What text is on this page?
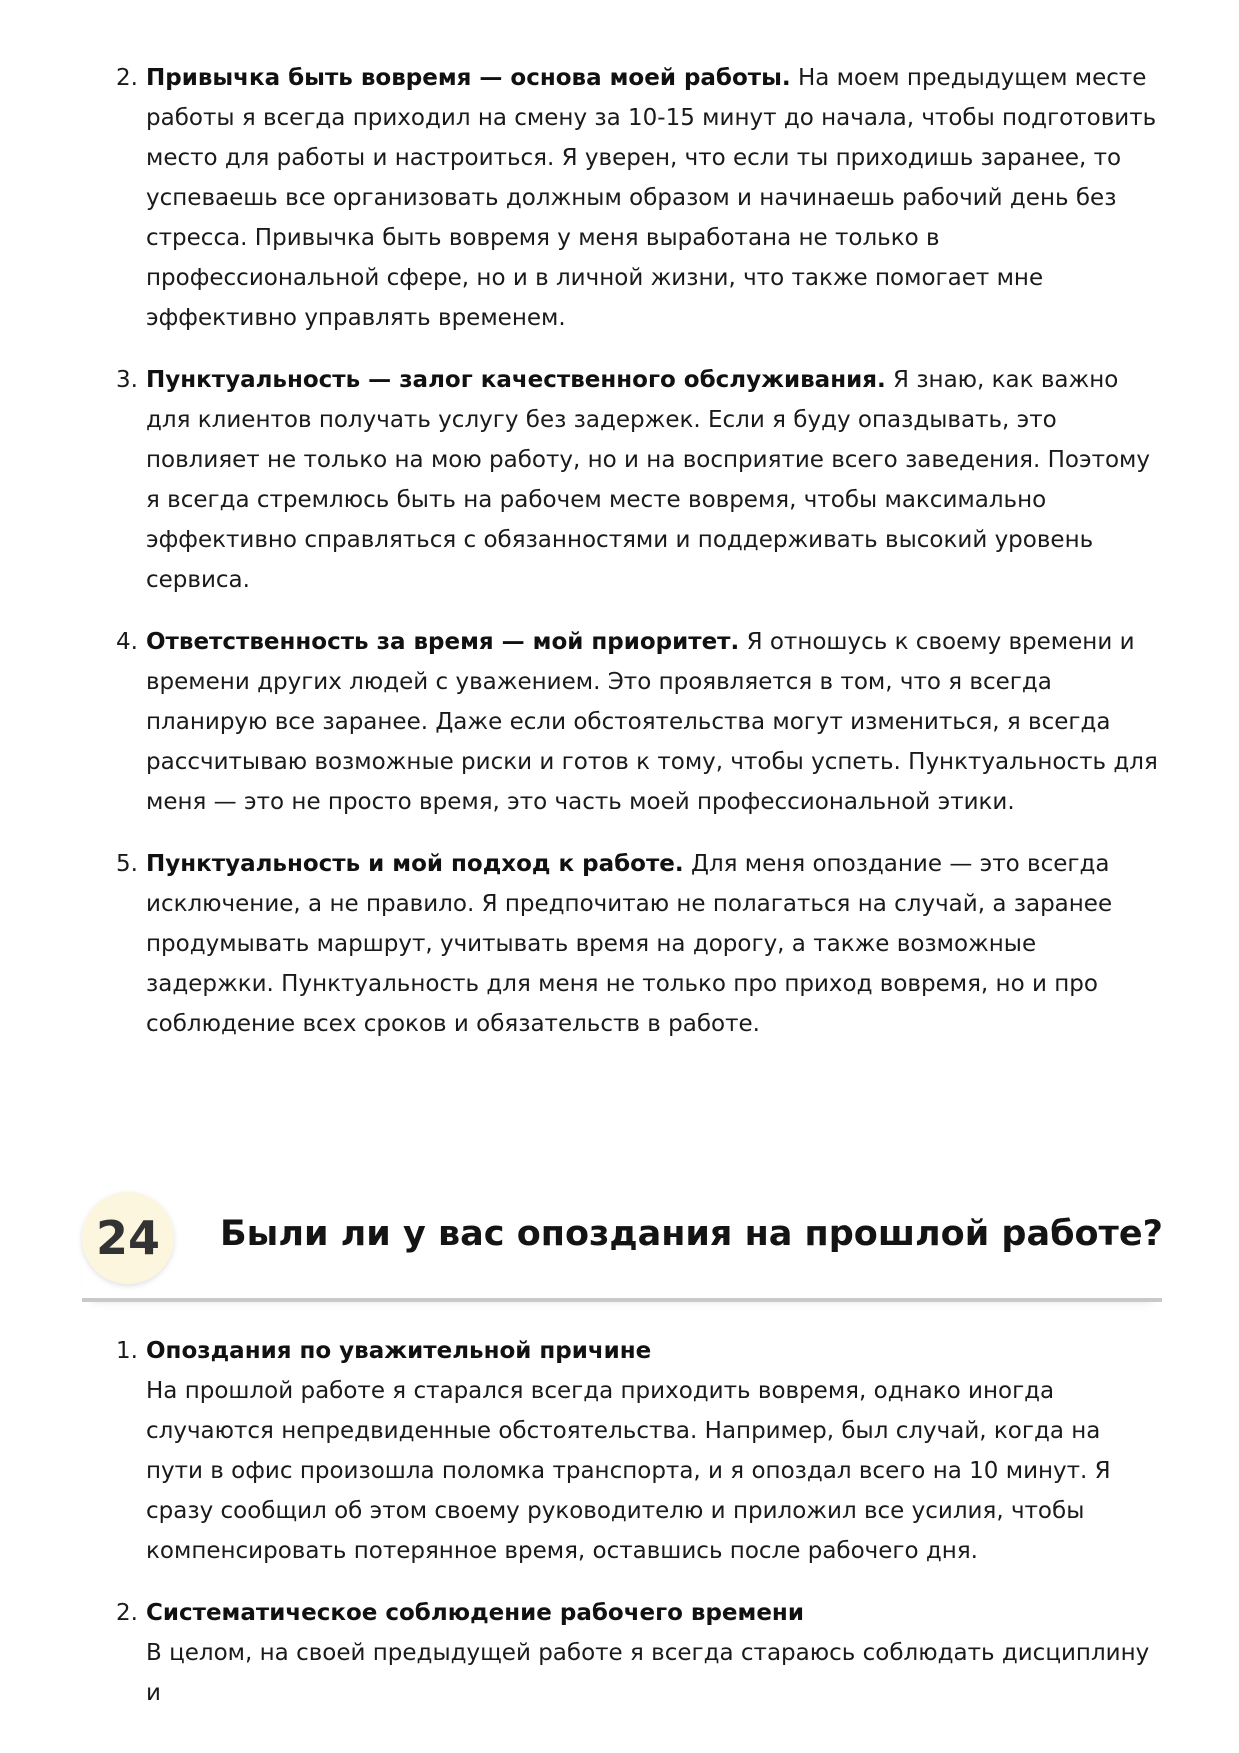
2. Привычка быть вовремя — основа моей работы. На моем предыдущем месте работы я всегда приходил на смену за 10-15 минут до начала, чтобы подготовить место для работы и настроиться. Я уверен, что если ты приходишь заранее, то успеваешь все организовать должным образом и начинаешь рабочий день без стресса. Привычка быть вовремя у меня выработана не только в профессиональной сфере, но и в личной жизни, что также помогает мне эффективно управлять временем.
3. Пунктуальность — залог качественного обслуживания. Я знаю, как важно для клиентов получать услугу без задержек. Если я буду опаздывать, это повлияет не только на мою работу, но и на восприятие всего заведения. Поэтому я всегда стремлюсь быть на рабочем месте вовремя, чтобы максимально эффективно справляться с обязанностями и поддерживать высокий уровень сервиса.
4. Ответственность за время — мой приоритет. Я отношусь к своему времени и времени других людей с уважением. Это проявляется в том, что я всегда планирую все заранее. Даже если обстоятельства могут измениться, я всегда рассчитываю возможные риски и готов к тому, чтобы успеть. Пунктуальность для меня — это не просто время, это часть моей профессиональной этики.
5. Пунктуальность и мой подход к работе. Для меня опоздание — это всегда исключение, а не правило. Я предпочитаю не полагаться на случай, а заранее продумывать маршрут, учитывать время на дорогу, а также возможные задержки. Пунктуальность для меня не только про приход вовремя, но и про соблюдение всех сроков и обязательств в работе.
24	Были ли у вас опоздания на прошлой работе?
1. Опоздания по уважительной причине
На прошлой работе я старался всегда приходить вовремя, однако иногда случаются непредвиденные обстоятельства. Например, был случай, когда на пути в офис произошла поломка транспорта, и я опоздал всего на 10 минут. Я сразу сообщил об этом своему руководителю и приложил все усилия, чтобы компенсировать потерянное время, оставшись после рабочего дня.
2. Систематическое соблюдение рабочего времени
В целом, на своей предыдущей работе я всегда стараюсь соблюдать дисциплину и
